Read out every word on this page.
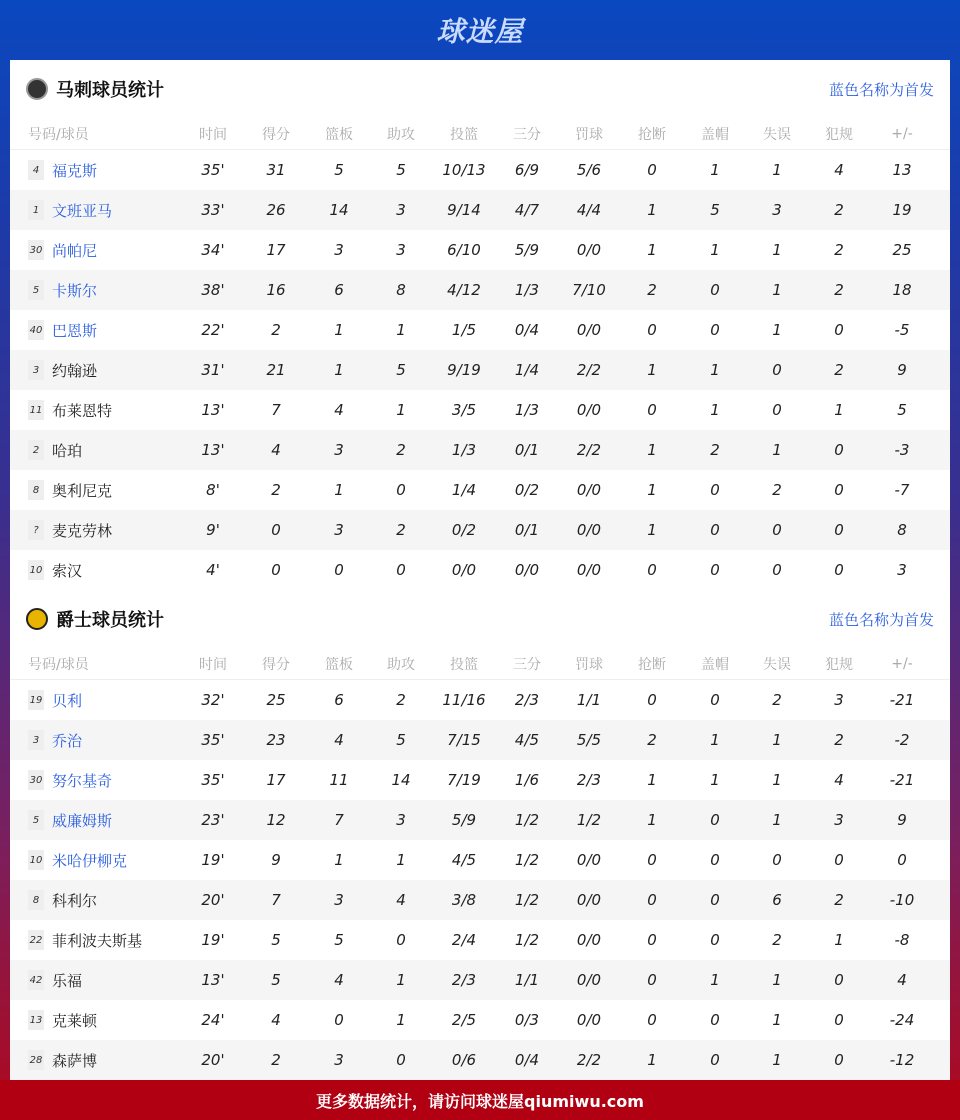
球迷屋
马刺球员统计	蓝色名称为首发
号码/球员	时间	得分	篮板	助攻	投篮	三分	罚球	抢断	盖帽	失误	犯规	+/-
4 福克斯	35'	31	5	5	10/13	6/9	5/6	0	1	1	4	13
1 文班亚马	33'	26	14	3	9/14	4/7	4/4	1	5	3	2	19
30 尚帕尼	34'	17	3	3	6/10	5/9	0/0	1	1	1	2	25
5 卡斯尔	38'	16	6	8	4/12	1/3	7/10	2	0	1	2	18
40 巴恩斯	22'	2	1	1	1/5	0/4	0/0	0	0	1	0	-5
3 约翰逊	31'	21	1	5	9/19	1/4	2/2	1	1	0	2	9
11 布莱恩特	13'	7	4	1	3/5	1/3	0/0	0	1	0	1	5
2 哈珀	13'	4	3	2	1/3	0/1	2/2	1	2	1	0	-3
8 奥利尼克	8'	2	1	0	1/4	0/2	0/0	1	0	2	0	-7
? 麦克劳林	9'	0	3	2	0/2	0/1	0/0	1	0	0	0	8
10 索汉	4'	0	0	0	0/0	0/0	0/0	0	0	0	0	3
爵士球员统计	蓝色名称为首发
号码/球员	时间	得分	篮板	助攻	投篮	三分	罚球	抢断	盖帽	失误	犯规	+/-
19 贝利	32'	25	6	2	11/16	2/3	1/1	0	0	2	3	-21
3 乔治	35'	23	4	5	7/15	4/5	5/5	2	1	1	2	-2
30 努尔基奇	35'	17	11	14	7/19	1/6	2/3	1	1	1	4	-21
5 威廉姆斯	23'	12	7	3	5/9	1/2	1/2	1	0	1	3	9
10 米哈伊柳克	19'	9	1	1	4/5	1/2	0/0	0	0	0	0	0
8 科利尔	20'	7	3	4	3/8	1/2	0/0	0	0	6	2	-10
22 菲利波夫斯基	19'	5	5	0	2/4	1/2	0/0	0	0	2	1	-8
42 乐福	13'	5	4	1	2/3	1/1	0/0	0	1	1	0	4
13 克莱顿	24'	4	0	1	2/5	0/3	0/0	0	0	1	0	-24
28 森萨博	20'	2	3	0	0/6	0/4	2/2	1	0	1	0	-12
更多数据统计，请访问球迷屋qiumiwu.com
